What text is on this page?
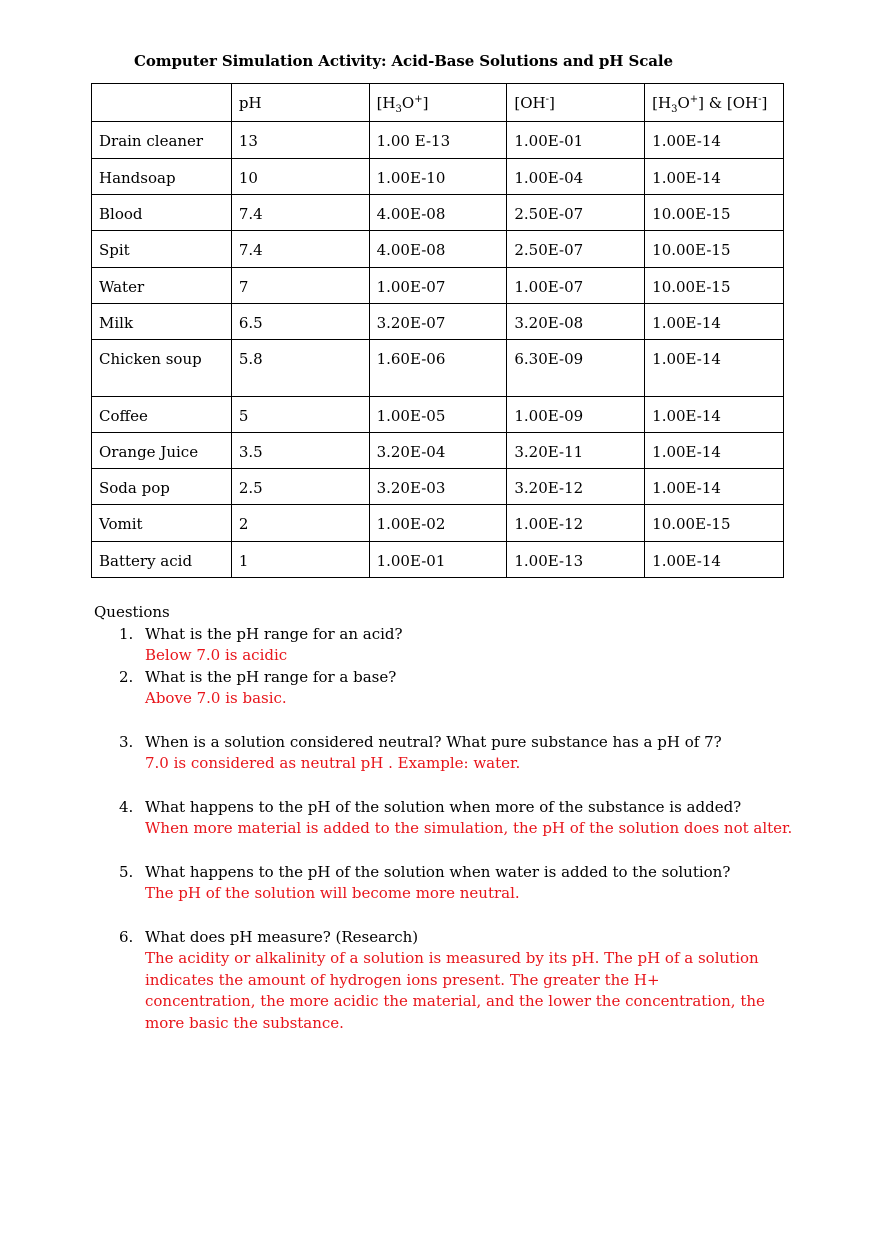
Computer Simulation Activity: Acid-Base Solutions and pH Scale
	pH	$[H_3O^+]$	[OH-]	$[H_3O^+]$ & [OH-]
Drain cleaner	13	1.00 E-13	1.00E-01	1.00E-14
Handsoap	10	1.00E-10	1.00E-04	1.00E-14
Blood	7.4	4.00E-08	2.50E-07	10.00E-15
Spit	7.4	4.00E-08	2.50E-07	10.00E-15
Water	7	1.00E-07	1.00E-07	10.00E-15
Milk	6.5	3.20E-07	3.20E-08	1.00E-14
Chicken soup	5.8	1.60E-06	6.30E-09	1.00E-14
Coffee	5	1.00E-05	1.00E-09	1.00E-14
Orange Juice	3.5	3.20E-04	3.20E-11	1.00E-14
Soda pop	2.5	3.20E-03	3.20E-12	1.00E-14
Vomit	2	1.00E-02	1.00E-12	10.00E-15
Battery acid	1	1.00E-01	1.00E-13	1.00E-14
Questions
1. What is the pH range for an acid?
Below 7.0 is acidic
2. What is the pH range for a base?
Above 7.0 is basic.
3. When is a solution considered neutral? What pure substance has a pH of 7?
7.0 is considered as neutral pH . Example: water.
4. What happens to the pH of the solution when more of the substance is added?
When more material is added to the simulation, the pH of the solution does not alter.
5. What happens to the pH of the solution when water is added to the solution?
The pH of the solution will become more neutral.
6. What does pH measure? (Research)
The acidity or alkalinity of a solution is measured by its pH. The pH of a solution indicates the amount of hydrogen ions present. The greater the H+ concentration, the more acidic the material, and the lower the concentration, the more basic the substance.
